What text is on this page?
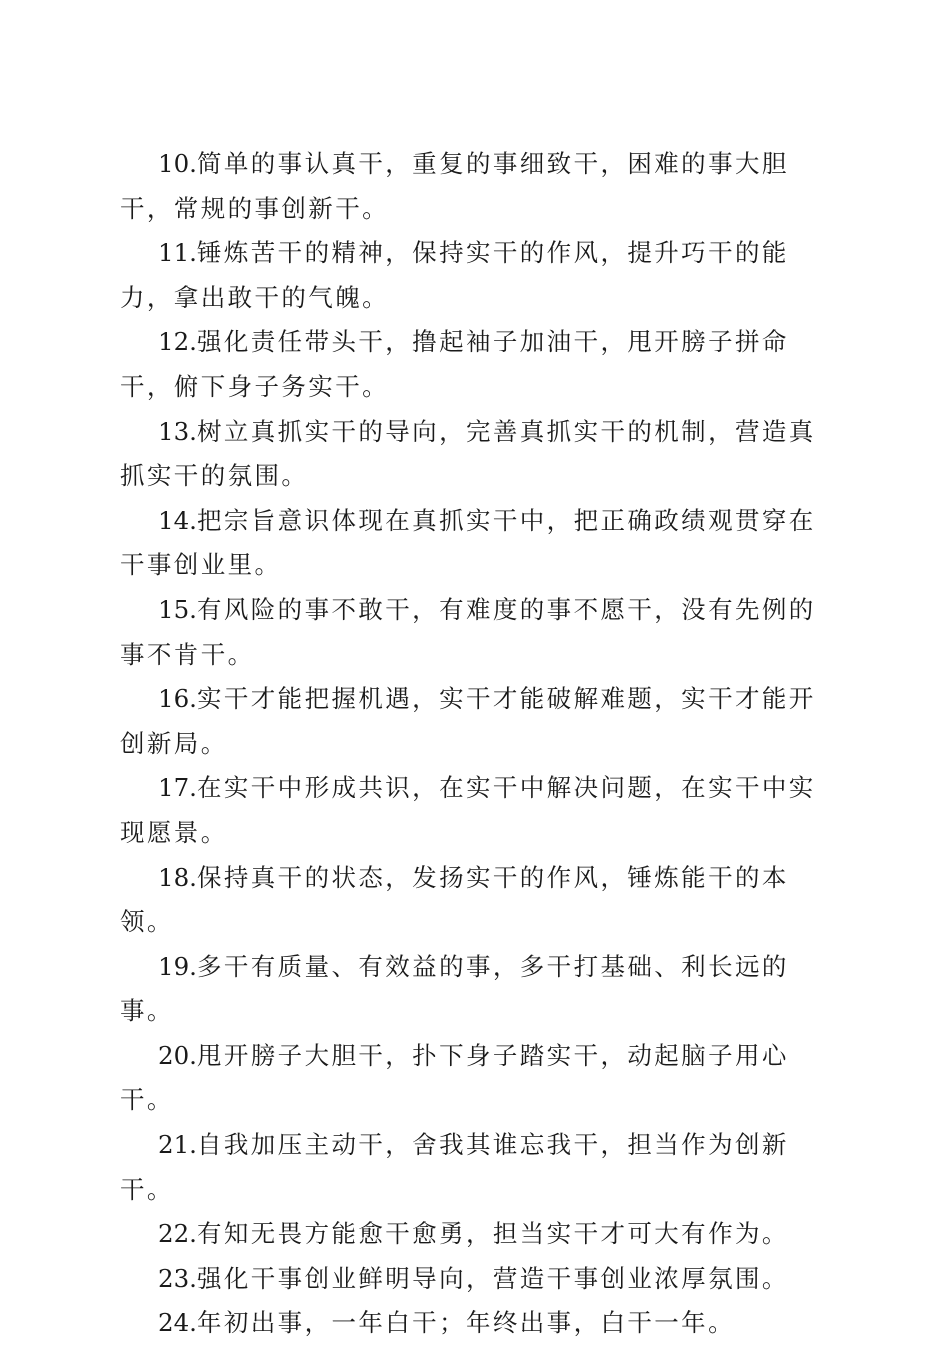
10.简单的事认真干，重复的事细致干，困难的事大胆干，常规的事创新干。

11.锤炼苦干的精神，保持实干的作风，提升巧干的能力，拿出敢干的气魄。

12.强化责任带头干，撸起袖子加油干，甩开膀子拼命干，俯下身子务实干。

13.树立真抓实干的导向，完善真抓实干的机制，营造真抓实干的氛围。

14.把宗旨意识体现在真抓实干中，把正确政绩观贯穿在干事创业里。

15.有风险的事不敢干，有难度的事不愿干，没有先例的事不肯干。

16.实干才能把握机遇，实干才能破解难题，实干才能开创新局。

17.在实干中形成共识，在实干中解决问题，在实干中实现愿景。

18.保持真干的状态，发扬实干的作风，锤炼能干的本领。

19.多干有质量、有效益的事，多干打基础、利长远的事。

20.甩开膀子大胆干，扑下身子踏实干，动起脑子用心干。

21.自我加压主动干，舍我其谁忘我干，担当作为创新干。

22.有知无畏方能愈干愈勇，担当实干才可大有作为。

23.强化干事创业鲜明导向，营造干事创业浓厚氛围。

24.年初出事，一年白干；年终出事，白干一年。
